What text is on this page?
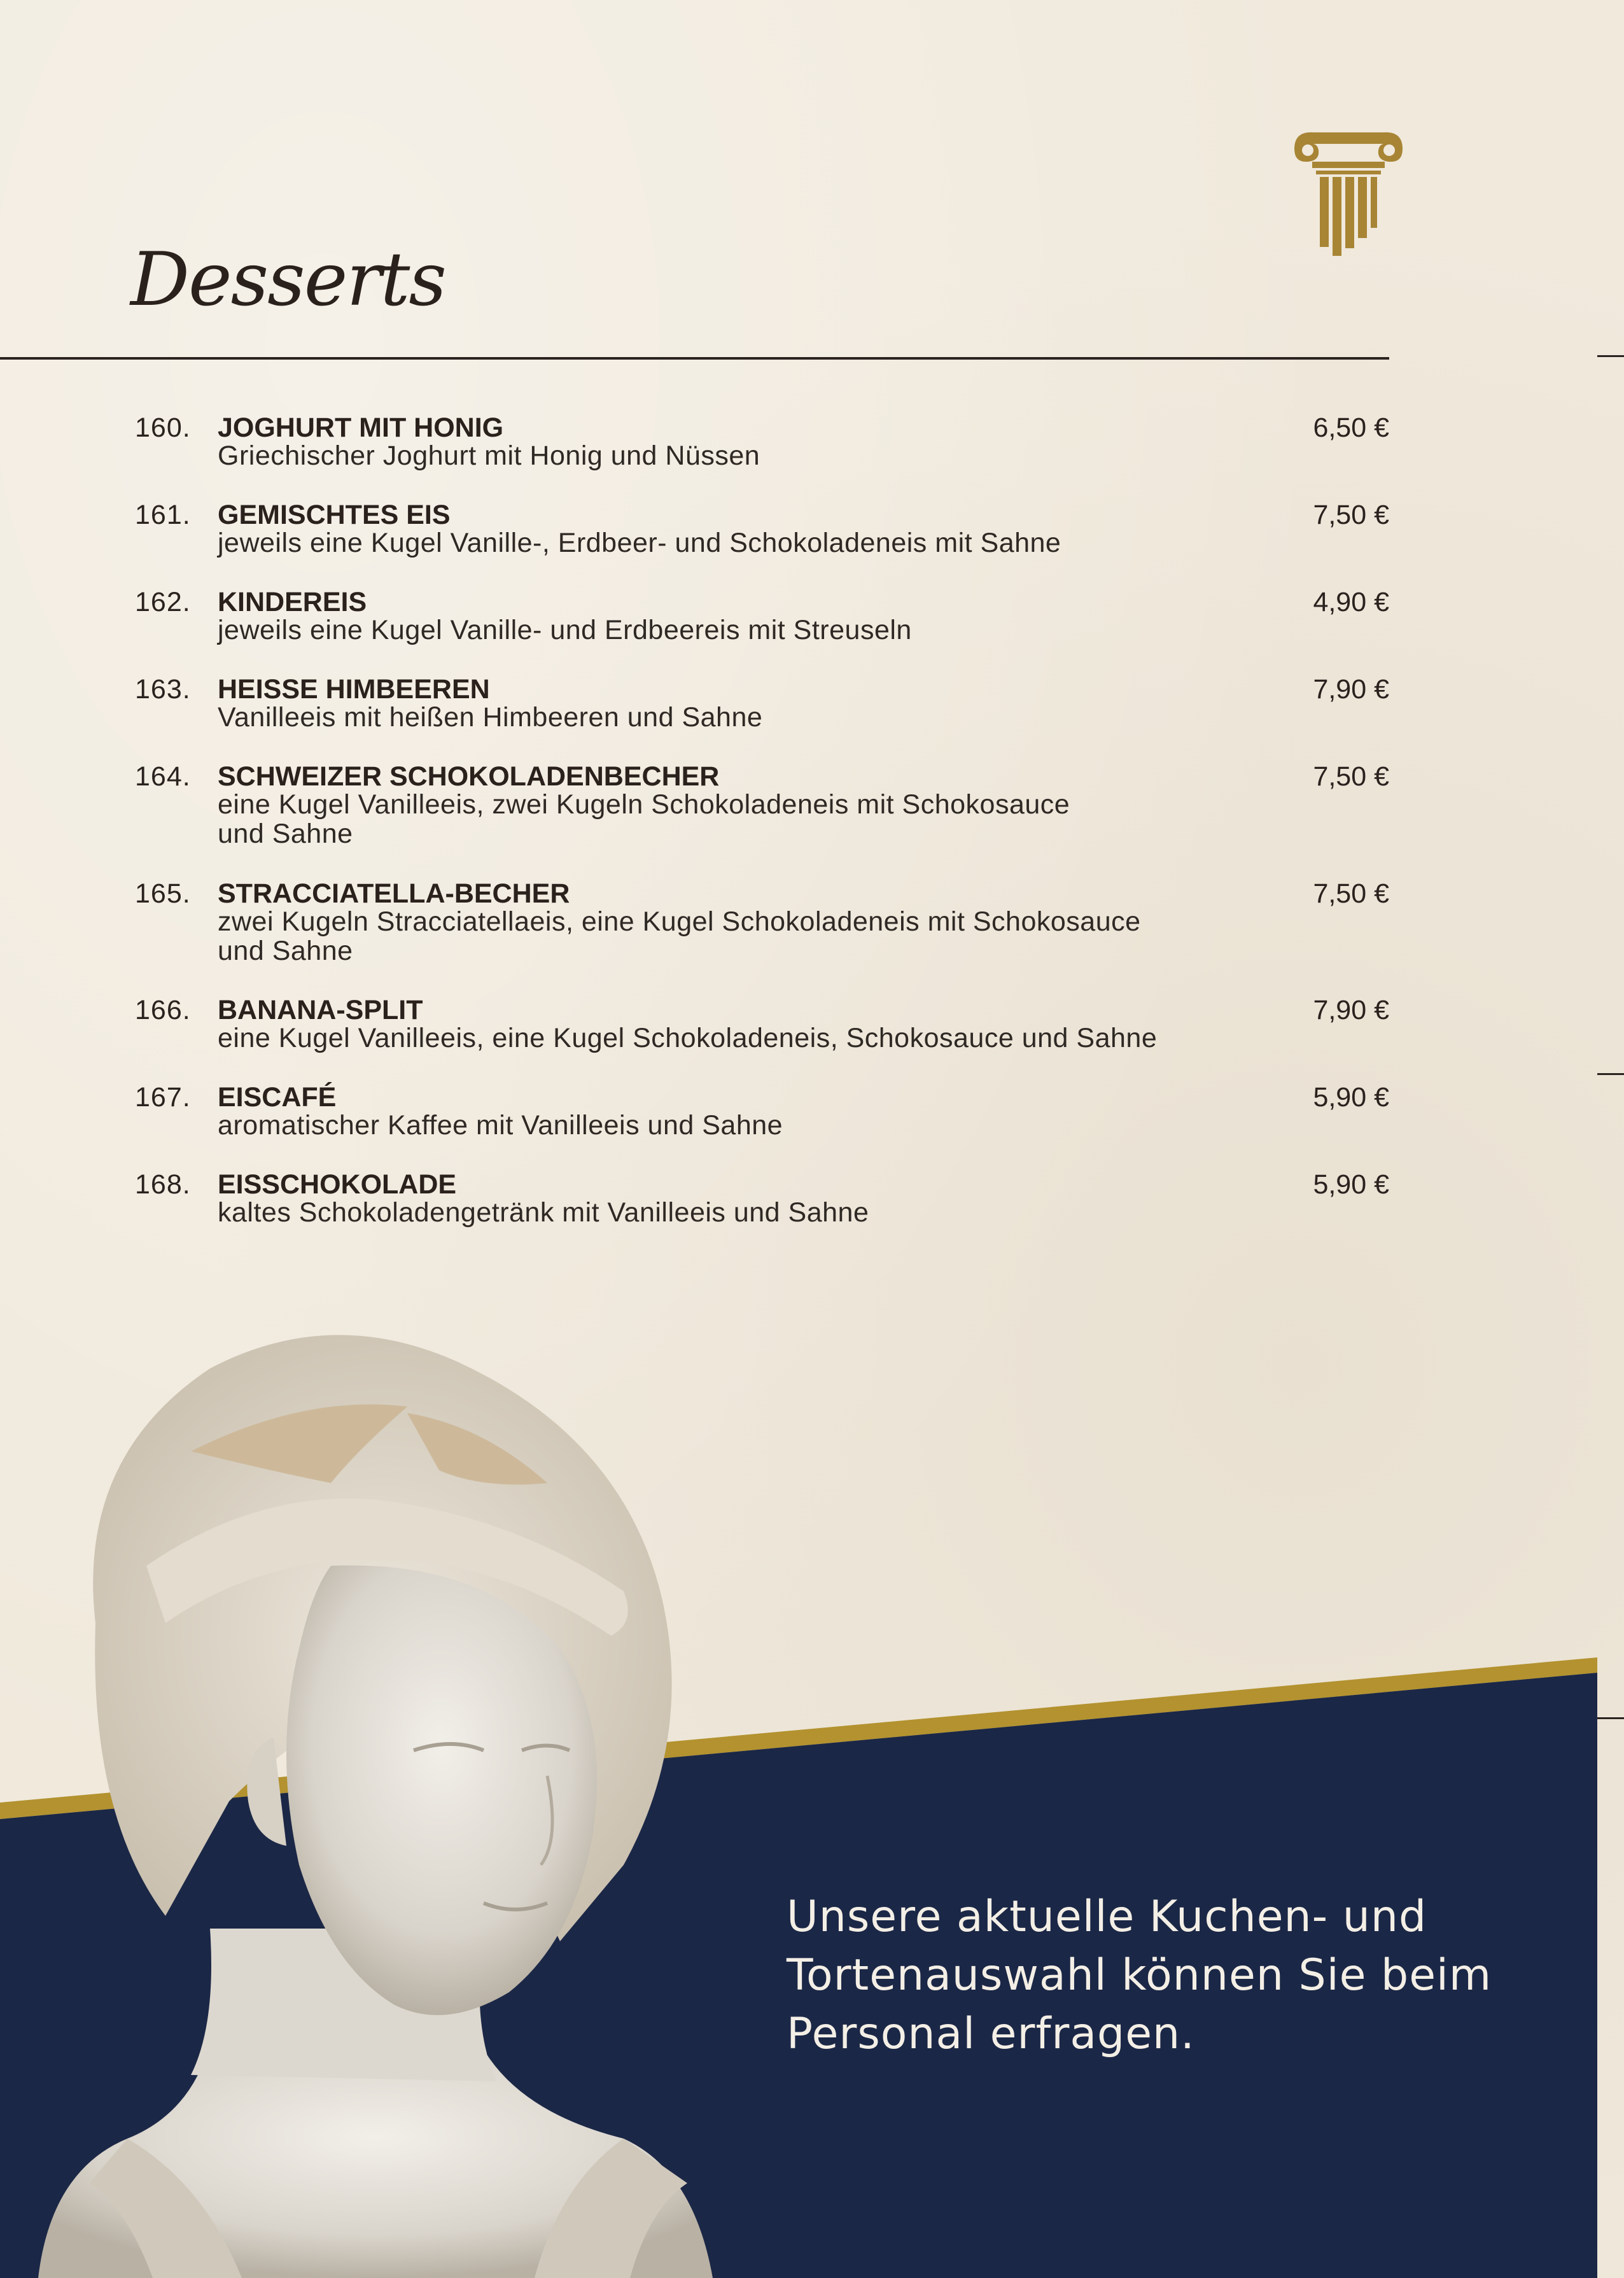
Desserts
160. JOGHURT MIT HONIG
Griechischer Joghurt mit Honig und Nüssen
6,50 €
161. GEMISCHTES EIS
jeweils eine Kugel Vanille-, Erdbeer- und Schokoladeneis mit Sahne
7,50 €
162. KINDEREIS
jeweils eine Kugel Vanille- und Erdbeereis mit Streuseln
4,90 €
163. HEISSE HIMBEEREN
Vanilleeis mit heißen Himbeeren und Sahne
7,90 €
164. SCHWEIZER SCHOKOLADENBECHER
eine Kugel Vanilleeis, zwei Kugeln Schokoladeneis mit Schokosauce
und Sahne
7,50 €
165. STRACCIATELLA-BECHER
zwei Kugeln Stracciatellaeis, eine Kugel Schokoladeneis mit Schokosauce
und Sahne
7,50 €
166. BANANA-SPLIT
eine Kugel Vanilleeis, eine Kugel Schokoladeneis, Schokosauce und Sahne
7,90 €
167. EISCAFÉ
aromatischer Kaffee mit Vanilleeis und Sahne
5,90 €
168. EISSCHOKOLADE
kaltes Schokoladengetränk mit Vanilleeis und Sahne
5,90 €
Unsere aktuelle Kuchen- und
Tortenauswahl können Sie beim
Personal erfragen.
